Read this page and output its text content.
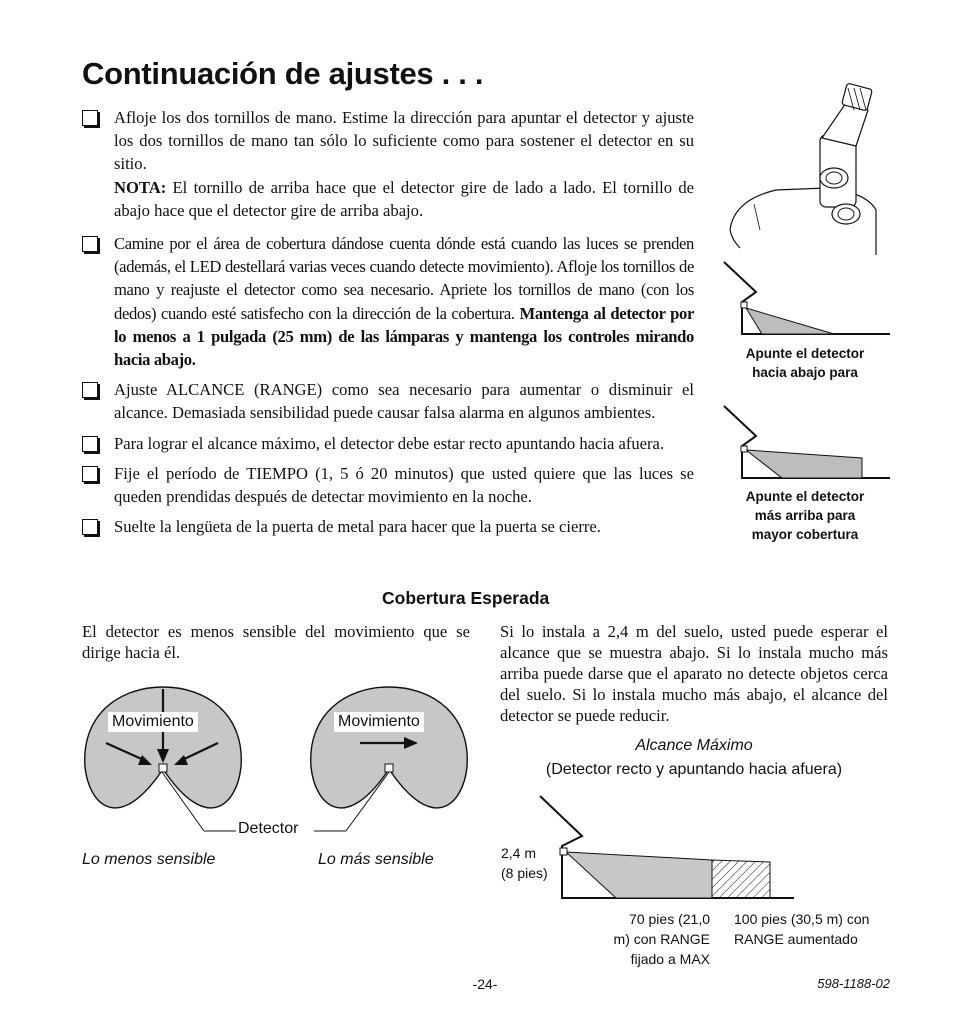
Continuación de ajustes . . .
Afloje los dos tornillos de mano. Estime la dirección para apuntar el detector y ajuste los dos tornillos de mano tan sólo lo suficiente como para sostener el detector en su sitio.
NOTA: El tornillo de arriba hace que el detector gire de lado a lado. El tornillo de abajo hace que el detector gire de arriba abajo.
Camine por el área de cobertura dándose cuenta dónde está cuando las luces se prenden (además, el LED destellará varias veces cuando detecte movimiento). Afloje los tornillos de mano y reajuste el detector como sea necesario. Apriete los tornillos de mano (con los dedos) cuando esté satisfecho con la dirección de la cobertura. Mantenga al detector por lo menos a 1 pulgada (25 mm) de las lámparas y mantenga los controles mirando hacia abajo.
Ajuste ALCANCE (RANGE) como sea necesario para aumentar o disminuir el alcance. Demasiada sensibilidad puede causar falsa alarma en algunos ambientes.
Para lograr el alcance máximo, el detector debe estar recto apuntando hacia afuera.
Fije el período de TIEMPO (1, 5 ó 20 minutos) que usted quiere que las luces se queden prendidas después de detectar movimiento en la noche.
Suelte la lengüeta de la puerta de metal para hacer que la puerta se cierre.
Apunte el detector
hacia abajo para
Apunte el detector
más arriba para
mayor cobertura
Cobertura Esperada

El detector es menos sensible del movimiento que se dirige hacia él.

Si lo instala a 2,4 m del suelo, usted puede esperar el alcance que se muestra abajo. Si lo instala mucho más arriba puede darse que el aparato no detecte objetos cerca del suelo. Si lo instala mucho más abajo, el alcance del detector se puede reducir.

Movimiento	Movimiento
Detector
Lo menos sensible	Lo más sensible
Alcance Máximo
(Detector recto y apuntando hacia afuera)
2,4 m
(8 pies)
70 pies (21,0
m) con RANGE
fijado a MAX
100 pies (30,5 m) con
RANGE aumentado
-24-	598-1188-02
